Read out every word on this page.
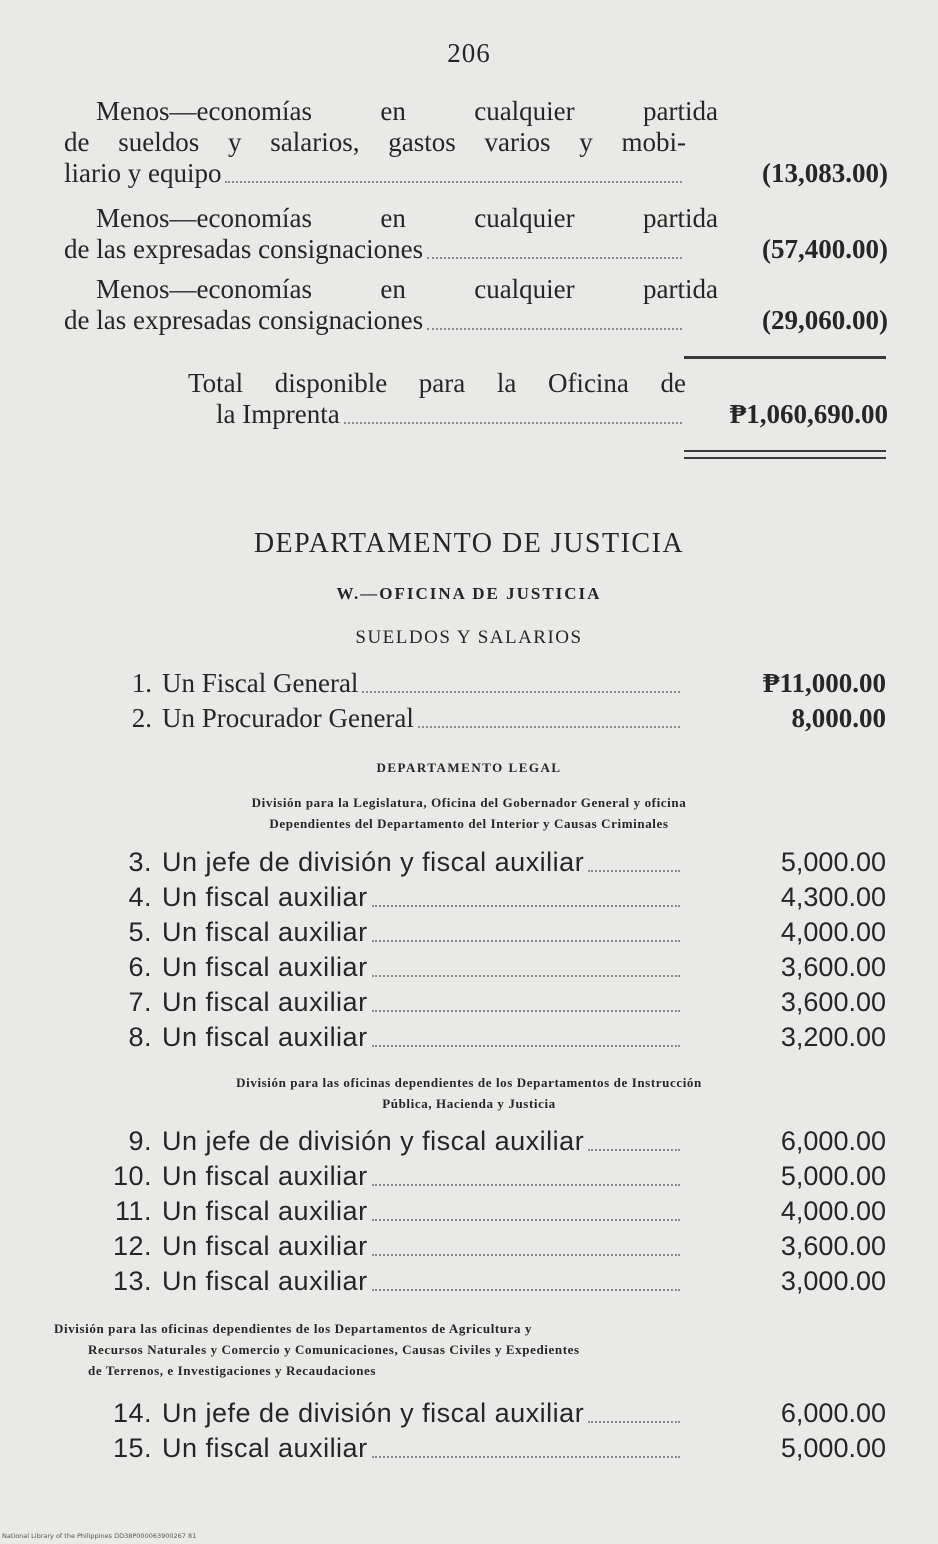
206
Menos—economías en cualquier partida
de sueldos y salarios, gastos varios y mobi-
liario y equipo	(13,083.00)
Menos—economías en cualquier partida
de las expresadas consignaciones	(57,400.00)
Menos—economías en cualquier partida
de las expresadas consignaciones	(29,060.00)
Total disponible para la Oficina de
la Imprenta	₱1,060,690.00
DEPARTAMENTO DE JUSTICIA
W.—OFICINA DE JUSTICIA
SUELDOS Y SALARIOS
1. Un Fiscal General	₱11,000.00
2. Un Procurador General	8,000.00
DEPARTAMENTO LEGAL
División para la Legislatura, Oficina del Gobernador General y oficina
Dependientes del Departamento del Interior y Causas Criminales
3. Un jefe de división y fiscal auxiliar	5,000.00
4. Un fiscal auxiliar	4,300.00
5. Un fiscal auxiliar	4,000.00
6. Un fiscal auxiliar	3,600.00
7. Un fiscal auxiliar	3,600.00
8. Un fiscal auxiliar	3,200.00
División para las oficinas dependientes de los Departamentos de Instrucción
Pública, Hacienda y Justicia
9. Un jefe de división y fiscal auxiliar	6,000.00
10. Un fiscal auxiliar	5,000.00
11. Un fiscal auxiliar	4,000.00
12. Un fiscal auxiliar	3,600.00
13. Un fiscal auxiliar	3,000.00
División para las oficinas dependientes de los Departamentos de Agricultura y
Recursos Naturales y Comercio y Comunicaciones, Causas Civiles y Expedientes
de Terrenos, e Investigaciones y Recaudaciones
14. Un jefe de división y fiscal auxiliar	6,000.00
15. Un fiscal auxiliar	5,000.00
National Library of the Philippines DD38P000063900267 81
